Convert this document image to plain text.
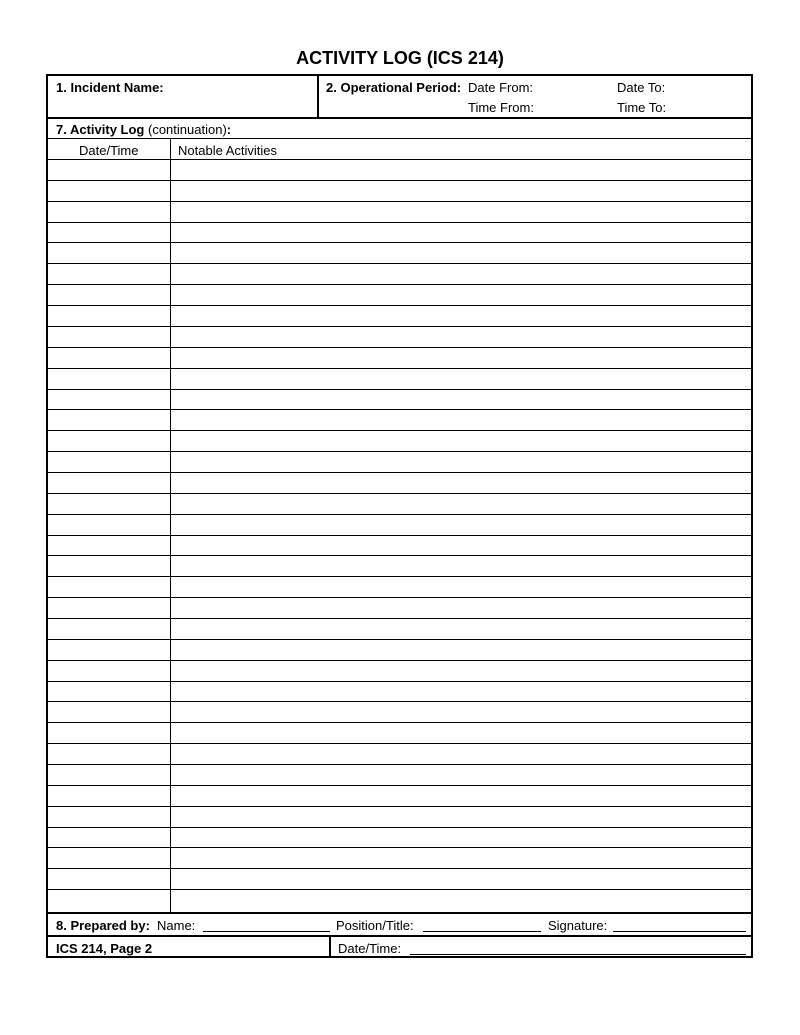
ACTIVITY LOG (ICS 214)
1. Incident Name:	2. Operational Period: Date From:	Date To:
Time From:	Time To:
7. Activity Log (continuation):
Date/Time	Notable Activities
8. Prepared by: Name:	Position/Title:	Signature:
ICS 214, Page 2	Date/Time:
